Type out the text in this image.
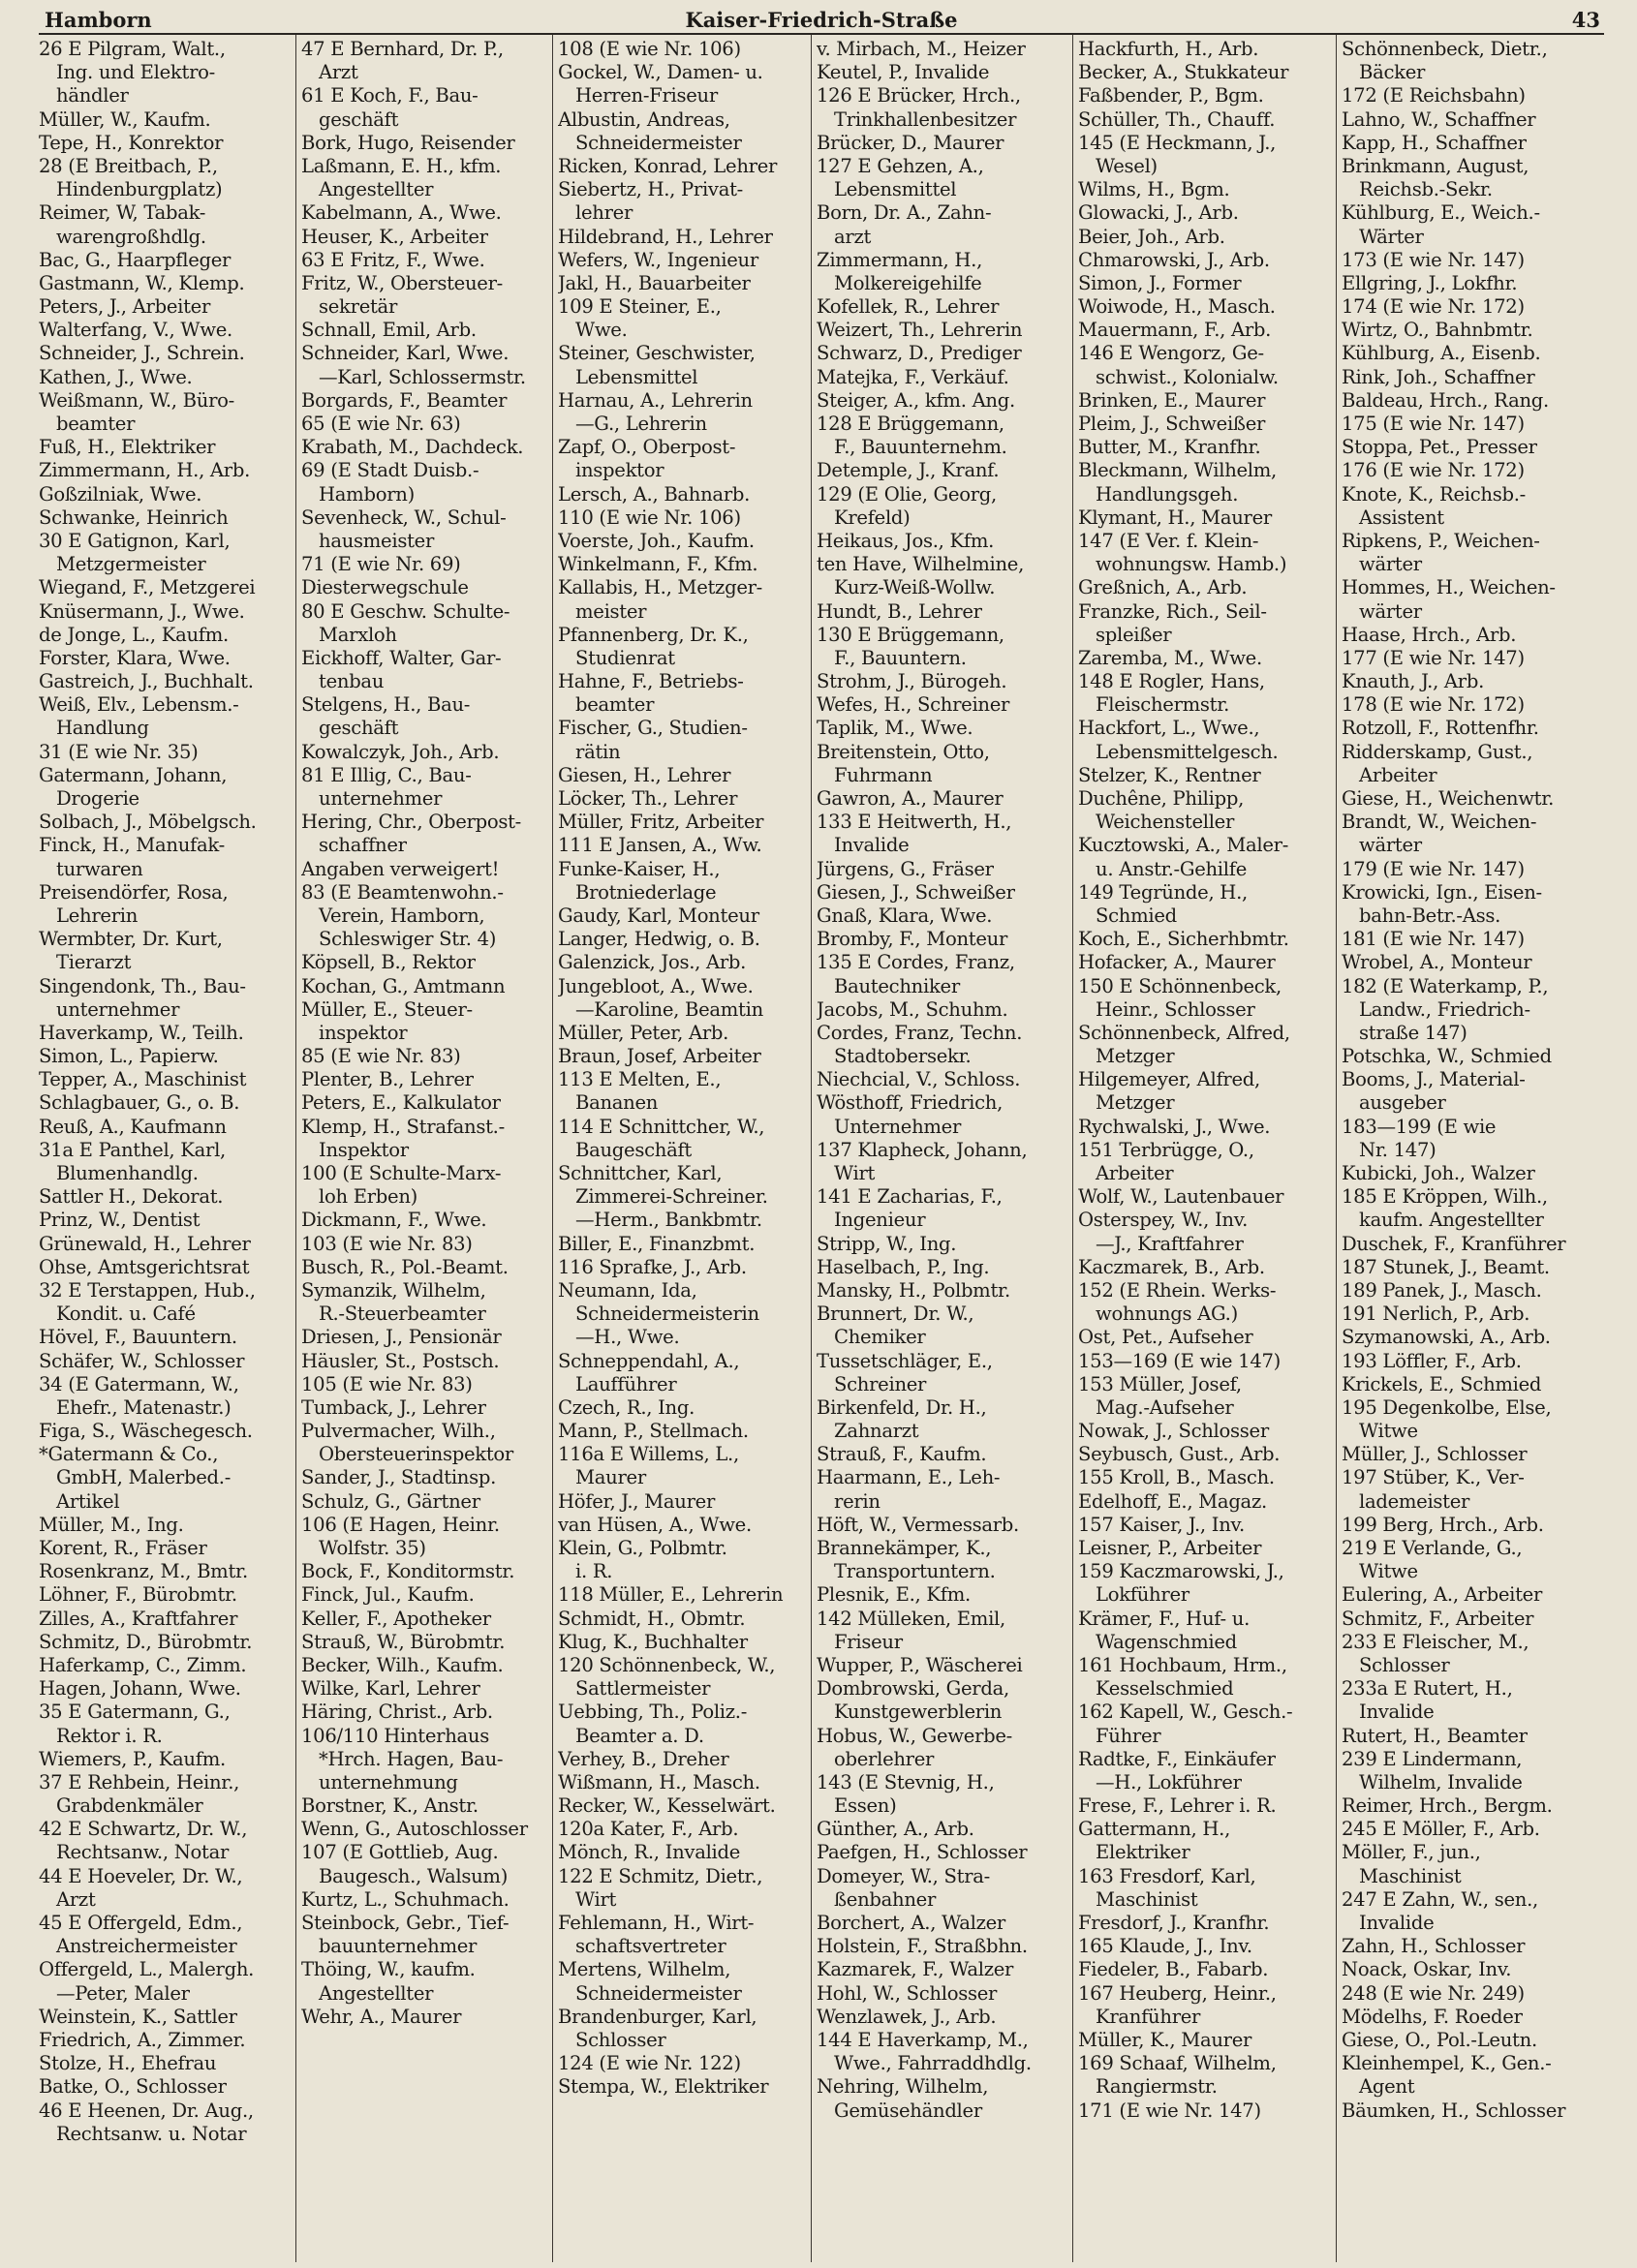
Hamborn	Kaiser-Friedrich-Straße	43
26 E Pilgram, Walt.,
Ing. und Elektro-
händler
Müller, W., Kaufm.
Tepe, H., Konrektor
28 (E Breitbach, P.,
Hindenburgplatz)
Reimer, W, Tabak-
warengroßhdlg.
Bac, G., Haarpfleger
Gastmann, W., Klemp.
Peters, J., Arbeiter
Walterfang, V., Wwe.
Schneider, J., Schrein.
Kathen, J., Wwe.
Weißmann, W., Büro-
beamter
Fuß, H., Elektriker
Zimmermann, H., Arb.
Goßzilniak, Wwe.
Schwanke, Heinrich
30 E Gatignon, Karl,
Metzgermeister
Wiegand, F., Metzgerei
Knüsermann, J., Wwe.
de Jonge, L., Kaufm.
Forster, Klara, Wwe.
Gastreich, J., Buchhalt.
Weiß, Elv., Lebensm.-
Handlung
31 (E wie Nr. 35)
Gatermann, Johann,
Drogerie
Solbach, J., Möbelgsch.
Finck, H., Manufak-
turwaren
Preisendörfer, Rosa,
Lehrerin
Wermbter, Dr. Kurt,
Tierarzt
Singendonk, Th., Bau-
unternehmer
Haverkamp, W., Teilh.
Simon, L., Papierw.
Tepper, A., Maschinist
Schlagbauer, G., o. B.
Reuß, A., Kaufmann
31a E Panthel, Karl,
Blumenhandlg.
Sattler H., Dekorat.
Prinz, W., Dentist
Grünewald, H., Lehrer
Ohse, Amtsgerichtsrat
32 E Terstappen, Hub.,
Kondit. u. Café
Hövel, F., Bauuntern.
Schäfer, W., Schlosser
34 (E Gatermann, W.,
Ehefr., Matenastr.)
Figa, S., Wäschegesch.
*Gatermann & Co.,
GmbH, Malerbed.-
Artikel
Müller, M., Ing.
Korent, R., Fräser
Rosenkranz, M., Bmtr.
Löhner, F., Bürobmtr.
Zilles, A., Kraftfahrer
Schmitz, D., Bürobmtr.
Haferkamp, C., Zimm.
Hagen, Johann, Wwe.
35 E Gatermann, G.,
Rektor i. R.
Wiemers, P., Kaufm.
37 E Rehbein, Heinr.,
Grabdenkmäler
42 E Schwartz, Dr. W.,
Rechtsanw., Notar
44 E Hoeveler, Dr. W.,
Arzt
45 E Offergeld, Edm.,
Anstreichermeister
Offergeld, L., Malergh.
—Peter, Maler
Weinstein, K., Sattler
Friedrich, A., Zimmer.
Stolze, H., Ehefrau
Batke, O., Schlosser
46 E Heenen, Dr. Aug.,
Rechtsanw. u. Notar
47 E Bernhard, Dr. P.,
Arzt
61 E Koch, F., Bau-
geschäft
Bork, Hugo, Reisender
Laßmann, E. H., kfm.
Angestellter
Kabelmann, A., Wwe.
Heuser, K., Arbeiter
63 E Fritz, F., Wwe.
Fritz, W., Obersteuer-
sekretär
Schnall, Emil, Arb.
Schneider, Karl, Wwe.
—Karl, Schlossermstr.
Borgards, F., Beamter
65 (E wie Nr. 63)
Krabath, M., Dachdeck.
69 (E Stadt Duisb.-
Hamborn)
Sevenheck, W., Schul-
hausmeister
71 (E wie Nr. 69)
Diesterwegschule
80 E Geschw. Schulte-
Marxloh
Eickhoff, Walter, Gar-
tenbau
Stelgens, H., Bau-
geschäft
Kowalczyk, Joh., Arb.
81 E Illig, C., Bau-
unternehmer
Hering, Chr., Oberpost-
schaffner
Angaben verweigert!
83 (E Beamtenwohn.-
Verein, Hamborn,
Schleswiger Str. 4)
Köpsell, B., Rektor
Kochan, G., Amtmann
Müller, E., Steuer-
inspektor
85 (E wie Nr. 83)
Plenter, B., Lehrer
Peters, E., Kalkulator
Klemp, H., Strafanst.-
Inspektor
100 (E Schulte-Marx-
loh Erben)
Dickmann, F., Wwe.
103 (E wie Nr. 83)
Busch, R., Pol.-Beamt.
Symanzik, Wilhelm,
R.-Steuerbeamter
Driesen, J., Pensionär
Häusler, St., Postsch.
105 (E wie Nr. 83)
Tumback, J., Lehrer
Pulvermacher, Wilh.,
Obersteuerinspektor
Sander, J., Stadtinsp.
Schulz, G., Gärtner
106 (E Hagen, Heinr.
Wolfstr. 35)
Bock, F., Konditormstr.
Finck, Jul., Kaufm.
Keller, F., Apotheker
Strauß, W., Bürobmtr.
Becker, Wilh., Kaufm.
Wilke, Karl, Lehrer
Häring, Christ., Arb.
106/110 Hinterhaus
*Hrch. Hagen, Bau-
unternehmung
Borstner, K., Anstr.
Wenn, G., Autoschlosser
107 (E Gottlieb, Aug.
Baugesch., Walsum)
Kurtz, L., Schuhmach.
Steinbock, Gebr., Tief-
bauunternehmer
Thöing, W., kaufm.
Angestellter
Wehr, A., Maurer
108 (E wie Nr. 106)
Gockel, W., Damen- u.
Herren-Friseur
Albustin, Andreas,
Schneidermeister
Ricken, Konrad, Lehrer
Siebertz, H., Privat-
lehrer
Hildebrand, H., Lehrer
Wefers, W., Ingenieur
Jakl, H., Bauarbeiter
109 E Steiner, E.,
Wwe.
Steiner, Geschwister,
Lebensmittel
Harnau, A., Lehrerin
—G., Lehrerin
Zapf, O., Oberpost-
inspektor
Lersch, A., Bahnarb.
110 (E wie Nr. 106)
Voerste, Joh., Kaufm.
Winkelmann, F., Kfm.
Kallabis, H., Metzger-
meister
Pfannenberg, Dr. K.,
Studienrat
Hahne, F., Betriebs-
beamter
Fischer, G., Studien-
rätin
Giesen, H., Lehrer
Löcker, Th., Lehrer
Müller, Fritz, Arbeiter
111 E Jansen, A., Ww.
Funke-Kaiser, H.,
Brotniederlage
Gaudy, Karl, Monteur
Langer, Hedwig, o. B.
Galenzick, Jos., Arb.
Jungebloot, A., Wwe.
—Karoline, Beamtin
Müller, Peter, Arb.
Braun, Josef, Arbeiter
113 E Melten, E.,
Bananen
114 E Schnittcher, W.,
Baugeschäft
Schnittcher, Karl,
Zimmerei-Schreiner.
—Herm., Bankbmtr.
Biller, E., Finanzbmt.
116 Sprafke, J., Arb.
Neumann, Ida,
Schneidermeisterin
—H., Wwe.
Schneppendahl, A.,
Laufführer
Czech, R., Ing.
Mann, P., Stellmach.
116a E Willems, L.,
Maurer
Höfer, J., Maurer
van Hüsen, A., Wwe.
Klein, G., Polbmtr.
i. R.
118 Müller, E., Lehrerin
Schmidt, H., Obmtr.
Klug, K., Buchhalter
120 Schönnenbeck, W.,
Sattlermeister
Uebbing, Th., Poliz.-
Beamter a. D.
Verhey, B., Dreher
Wißmann, H., Masch.
Recker, W., Kesselwärt.
120a Kater, F., Arb.
Mönch, R., Invalide
122 E Schmitz, Dietr.,
Wirt
Fehlemann, H., Wirt-
schaftsvertreter
Mertens, Wilhelm,
Schneidermeister
Brandenburger, Karl,
Schlosser
124 (E wie Nr. 122)
Stempa, W., Elektriker
v. Mirbach, M., Heizer
Keutel, P., Invalide
126 E Brücker, Hrch.,
Trinkhallenbesitzer
Brücker, D., Maurer
127 E Gehzen, A.,
Lebensmittel
Born, Dr. A., Zahn-
arzt
Zimmermann, H.,
Molkereigehilfe
Kofellek, R., Lehrer
Weizert, Th., Lehrerin
Schwarz, D., Prediger
Matejka, F., Verkäuf.
Steiger, A., kfm. Ang.
128 E Brüggemann,
F., Bauunternehm.
Detemple, J., Kranf.
129 (E Olie, Georg,
Krefeld)
Heikaus, Jos., Kfm.
ten Have, Wilhelmine,
Kurz-Weiß-Wollw.
Hundt, B., Lehrer
130 E Brüggemann,
F., Bauuntern.
Strohm, J., Bürogeh.
Wefes, H., Schreiner
Taplik, M., Wwe.
Breitenstein, Otto,
Fuhrmann
Gawron, A., Maurer
133 E Heitwerth, H.,
Invalide
Jürgens, G., Fräser
Giesen, J., Schweißer
Gnaß, Klara, Wwe.
Bromby, F., Monteur
135 E Cordes, Franz,
Bautechniker
Jacobs, M., Schuhm.
Cordes, Franz, Techn.
Stadtobersekr.
Niechcial, V., Schloss.
Wösthoff, Friedrich,
Unternehmer
137 Klapheck, Johann,
Wirt
141 E Zacharias, F.,
Ingenieur
Stripp, W., Ing.
Haselbach, P., Ing.
Mansky, H., Polbmtr.
Brunnert, Dr. W.,
Chemiker
Tussetschläger, E.,
Schreiner
Birkenfeld, Dr. H.,
Zahnarzt
Strauß, F., Kaufm.
Haarmann, E., Leh-
rerin
Höft, W., Vermessarb.
Brannekämper, K.,
Transportuntern.
Plesnik, E., Kfm.
142 Mülleken, Emil,
Friseur
Wupper, P., Wäscherei
Dombrowski, Gerda,
Kunstgewerblerin
Hobus, W., Gewerbe-
oberlehrer
143 (E Stevnig, H.,
Essen)
Günther, A., Arb.
Paefgen, H., Schlosser
Domeyer, W., Stra-
ßenbahner
Borchert, A., Walzer
Holstein, F., Straßbhn.
Kazmarek, F., Walzer
Hohl, W., Schlosser
Wenzlawek, J., Arb.
144 E Haverkamp, M.,
Wwe., Fahrraddhdlg.
Nehring, Wilhelm,
Gemüsehändler
Hackfurth, H., Arb.
Becker, A., Stukkateur
Faßbender, P., Bgm.
Schüller, Th., Chauff.
145 (E Heckmann, J.,
Wesel)
Wilms, H., Bgm.
Glowacki, J., Arb.
Beier, Joh., Arb.
Chmarowski, J., Arb.
Simon, J., Former
Woiwode, H., Masch.
Mauermann, F., Arb.
146 E Wengorz, Ge-
schwist., Kolonialw.
Brinken, E., Maurer
Pleim, J., Schweißer
Butter, M., Kranfhr.
Bleckmann, Wilhelm,
Handlungsgeh.
Klymant, H., Maurer
147 (E Ver. f. Klein-
wohnungsw. Hamb.)
Greßnich, A., Arb.
Franzke, Rich., Seil-
spleißer
Zaremba, M., Wwe.
148 E Rogler, Hans,
Fleischermstr.
Hackfort, L., Wwe.,
Lebensmittelgesch.
Stelzer, K., Rentner
Duchêne, Philipp,
Weichensteller
Kucztowski, A., Maler-
u. Anstr.-Gehilfe
149 Tegründe, H.,
Schmied
Koch, E., Sicherhbmtr.
Hofacker, A., Maurer
150 E Schönnenbeck,
Heinr., Schlosser
Schönnenbeck, Alfred,
Metzger
Hilgemeyer, Alfred,
Metzger
Rychwalski, J., Wwe.
151 Terbrügge, O.,
Arbeiter
Wolf, W., Lautenbauer
Osterspey, W., Inv.
—J., Kraftfahrer
Kaczmarek, B., Arb.
152 (E Rhein. Werks-
wohnungs AG.)
Ost, Pet., Aufseher
153—169 (E wie 147)
153 Müller, Josef,
Mag.-Aufseher
Nowak, J., Schlosser
Seybusch, Gust., Arb.
155 Kroll, B., Masch.
Edelhoff, E., Magaz.
157 Kaiser, J., Inv.
Leisner, P., Arbeiter
159 Kaczmarowski, J.,
Lokführer
Krämer, F., Huf- u.
Wagenschmied
161 Hochbaum, Hrm.,
Kesselschmied
162 Kapell, W., Gesch.-
Führer
Radtke, F., Einkäufer
—H., Lokführer
Frese, F., Lehrer i. R.
Gattermann, H.,
Elektriker
163 Fresdorf, Karl,
Maschinist
Fresdorf, J., Kranfhr.
165 Klaude, J., Inv.
Fiedeler, B., Fabarb.
167 Heuberg, Heinr.,
Kranführer
Müller, K., Maurer
169 Schaaf, Wilhelm,
Rangiermstr.
171 (E wie Nr. 147)
Schönnenbeck, Dietr.,
Bäcker
172 (E Reichsbahn)
Lahno, W., Schaffner
Kapp, H., Schaffner
Brinkmann, August,
Reichsb.-Sekr.
Kühlburg, E., Weich.-
Wärter
173 (E wie Nr. 147)
Ellgring, J., Lokfhr.
174 (E wie Nr. 172)
Wirtz, O., Bahnbmtr.
Kühlburg, A., Eisenb.
Rink, Joh., Schaffner
Baldeau, Hrch., Rang.
175 (E wie Nr. 147)
Stoppa, Pet., Presser
176 (E wie Nr. 172)
Knote, K., Reichsb.-
Assistent
Ripkens, P., Weichen-
wärter
Hommes, H., Weichen-
wärter
Haase, Hrch., Arb.
177 (E wie Nr. 147)
Knauth, J., Arb.
178 (E wie Nr. 172)
Rotzoll, F., Rottenfhr.
Ridderskamp, Gust.,
Arbeiter
Giese, H., Weichenwtr.
Brandt, W., Weichen-
wärter
179 (E wie Nr. 147)
Krowicki, Ign., Eisen-
bahn-Betr.-Ass.
181 (E wie Nr. 147)
Wrobel, A., Monteur
182 (E Waterkamp, P.,
Landw., Friedrich-
straße 147)
Potschka, W., Schmied
Booms, J., Material-
ausgeber
183—199 (E wie
Nr. 147)
Kubicki, Joh., Walzer
185 E Kröppen, Wilh.,
kaufm. Angestellter
Duschek, F., Kranführer
187 Stunek, J., Beamt.
189 Panek, J., Masch.
191 Nerlich, P., Arb.
Szymanowski, A., Arb.
193 Löffler, F., Arb.
Krickels, E., Schmied
195 Degenkolbe, Else,
Witwe
Müller, J., Schlosser
197 Stüber, K., Ver-
lademeister
199 Berg, Hrch., Arb.
219 E Verlande, G.,
Witwe
Eulering, A., Arbeiter
Schmitz, F., Arbeiter
233 E Fleischer, M.,
Schlosser
233a E Rutert, H.,
Invalide
Rutert, H., Beamter
239 E Lindermann,
Wilhelm, Invalide
Reimer, Hrch., Bergm.
245 E Möller, F., Arb.
Möller, F., jun.,
Maschinist
247 E Zahn, W., sen.,
Invalide
Zahn, H., Schlosser
Noack, Oskar, Inv.
248 (E wie Nr. 249)
Mödelhs, F. Roeder
Giese, O., Pol.-Leutn.
Kleinhempel, K., Gen.-
Agent
Bäumken, H., Schlosser
